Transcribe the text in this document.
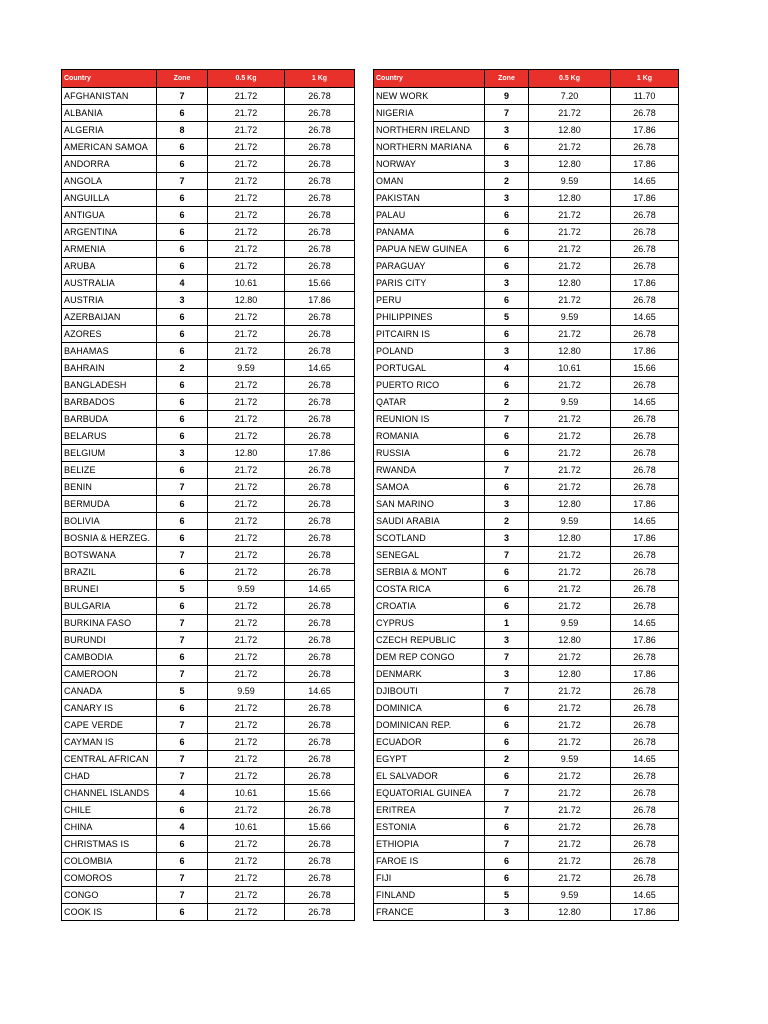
Country	Zone	0.5 Kg	1 Kg
AFGHANISTAN	7	21.72	26.78
ALBANIA	6	21.72	26.78
ALGERIA	8	21.72	26.78
AMERICAN SAMOA	6	21.72	26.78
ANDORRA	6	21.72	26.78
ANGOLA	7	21.72	26.78
ANGUILLA	6	21.72	26.78
ANTIGUA	6	21.72	26.78
ARGENTINA	6	21.72	26.78
ARMENIA	6	21.72	26.78
ARUBA	6	21.72	26.78
AUSTRALIA	4	10.61	15.66
AUSTRIA	3	12.80	17.86
AZERBAIJAN	6	21.72	26.78
AZORES	6	21.72	26.78
BAHAMAS	6	21.72	26.78
BAHRAIN	2	9.59	14.65
BANGLADESH	6	21.72	26.78
BARBADOS	6	21.72	26.78
BARBUDA	6	21.72	26.78
BELARUS	6	21.72	26.78
BELGIUM	3	12.80	17.86
BELIZE	6	21.72	26.78
BENIN	7	21.72	26.78
BERMUDA	6	21.72	26.78
BOLIVIA	6	21.72	26.78
BOSNIA & HERZEG.	6	21.72	26.78
BOTSWANA	7	21.72	26.78
BRAZIL	6	21.72	26.78
BRUNEI	5	9.59	14.65
BULGARIA	6	21.72	26.78
BURKINA FASO	7	21.72	26.78
BURUNDI	7	21.72	26.78
CAMBODIA	6	21.72	26.78
CAMEROON	7	21.72	26.78
CANADA	5	9.59	14.65
CANARY IS	6	21.72	26.78
CAPE VERDE	7	21.72	26.78
CAYMAN IS	6	21.72	26.78
CENTRAL AFRICAN	7	21.72	26.78
CHAD	7	21.72	26.78
CHANNEL ISLANDS	4	10.61	15.66
CHILE	6	21.72	26.78
CHINA	4	10.61	15.66
CHRISTMAS IS	6	21.72	26.78
COLOMBIA	6	21.72	26.78
COMOROS	7	21.72	26.78
CONGO	7	21.72	26.78
COOK IS	6	21.72	26.78
Country	Zone	0.5 Kg	1 Kg
NEW WORK	9	7.20	11.70
NIGERIA	7	21.72	26.78
NORTHERN IRELAND	3	12.80	17.86
NORTHERN MARIANA	6	21.72	26.78
NORWAY	3	12.80	17.86
OMAN	2	9.59	14.65
PAKISTAN	3	12.80	17.86
PALAU	6	21.72	26.78
PANAMA	6	21.72	26.78
PAPUA NEW GUINEA	6	21.72	26.78
PARAGUAY	6	21.72	26.78
PARIS CITY	3	12.80	17.86
PERU	6	21.72	26.78
PHILIPPINES	5	9.59	14.65
PITCAIRN IS	6	21.72	26.78
POLAND	3	12.80	17.86
PORTUGAL	4	10.61	15.66
PUERTO RICO	6	21.72	26.78
QATAR	2	9.59	14.65
REUNION IS	7	21.72	26.78
ROMANIA	6	21.72	26.78
RUSSIA	6	21.72	26.78
RWANDA	7	21.72	26.78
SAMOA	6	21.72	26.78
SAN MARINO	3	12.80	17.86
SAUDI ARABIA	2	9.59	14.65
SCOTLAND	3	12.80	17.86
SENEGAL	7	21.72	26.78
SERBIA & MONT	6	21.72	26.78
COSTA RICA	6	21.72	26.78
CROATIA	6	21.72	26.78
CYPRUS	1	9.59	14.65
CZECH REPUBLIC	3	12.80	17.86
DEM REP CONGO	7	21.72	26.78
DENMARK	3	12.80	17.86
DJIBOUTI	7	21.72	26.78
DOMINICA	6	21.72	26.78
DOMINICAN REP.	6	21.72	26.78
ECUADOR	6	21.72	26.78
EGYPT	2	9.59	14.65
EL SALVADOR	6	21.72	26.78
EQUATORIAL GUINEA	7	21.72	26.78
ERITREA	7	21.72	26.78
ESTONIA	6	21.72	26.78
ETHIOPIA	7	21.72	26.78
FAROE IS	6	21.72	26.78
FIJI	6	21.72	26.78
FINLAND	5	9.59	14.65
FRANCE	3	12.80	17.86
